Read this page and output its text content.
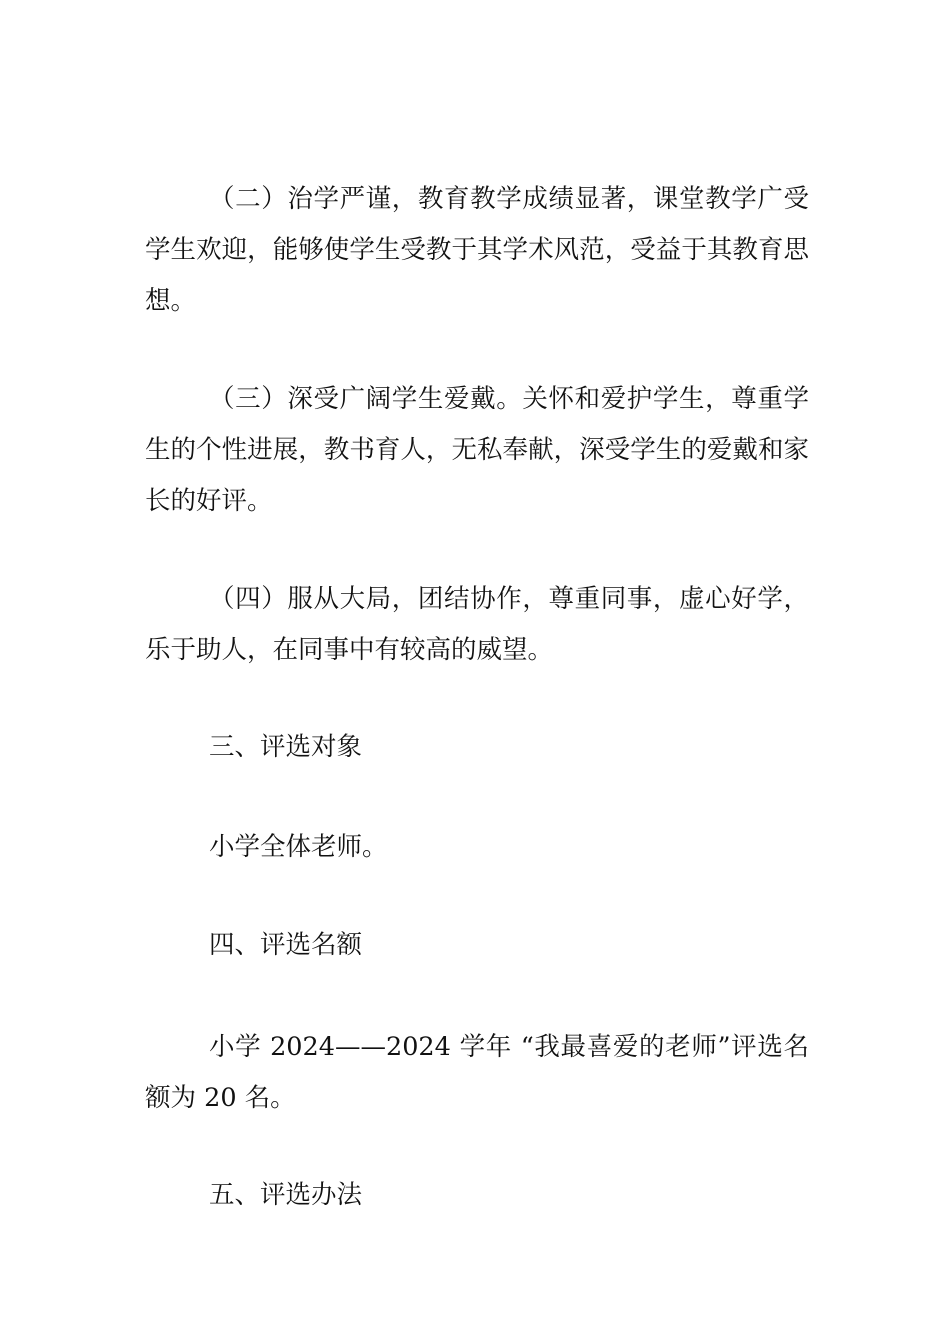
（二）治学严谨，教育教学成绩显著，课堂教学广受学生欢迎，能够使学生受教于其学术风范，受益于其教育思想。

（三）深受广阔学生爱戴。关怀和爱护学生，尊重学生的个性进展，教书育人，无私奉献，深受学生的爱戴和家长的好评。

（四）服从大局，团结协作，尊重同事，虚心好学，乐于助人，在同事中有较高的威望。

三、评选对象

小学全体老师。

四、评选名额

小学 2024——2024 学年 “我最喜爱的老师”评选名额为 20 名。

五、评选办法
